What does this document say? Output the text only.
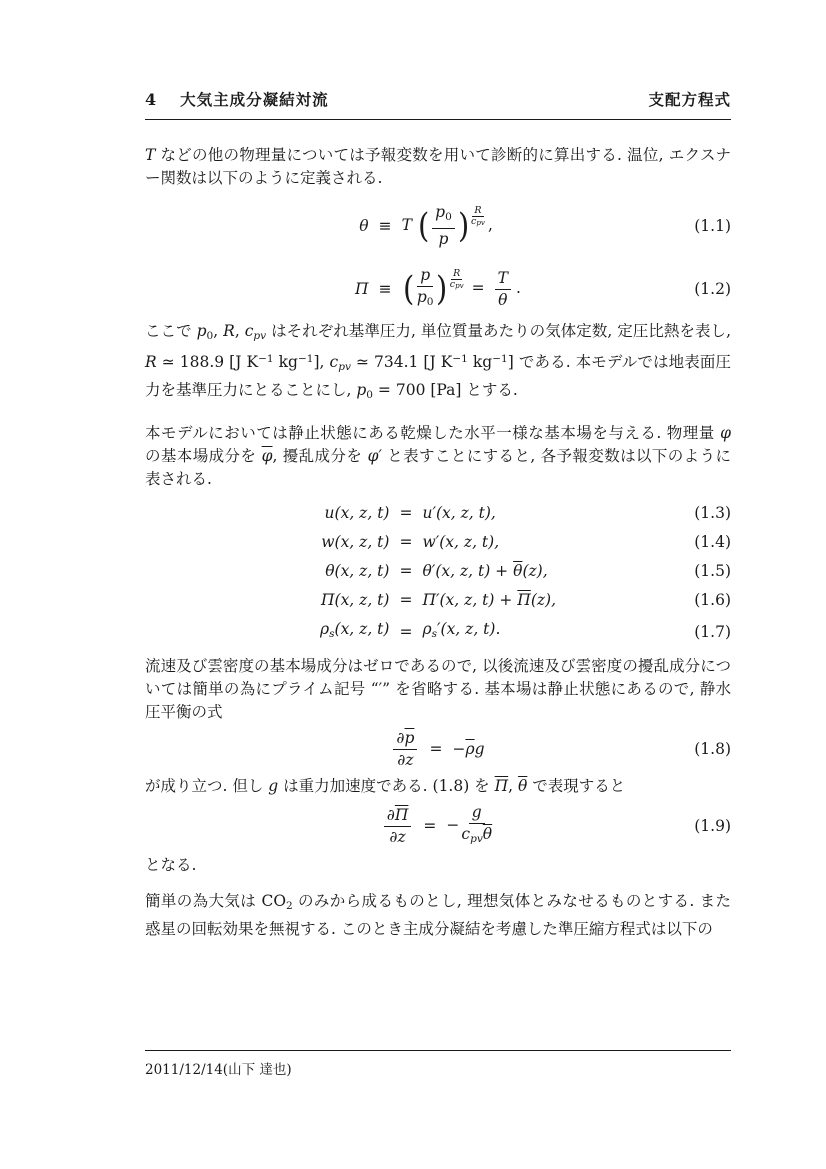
4 大気主成分凝結対流	支配方程式

T などの他の物理量については予報変数を用いて診断的に算出する. 温位, エクスナー関数は以下のように定義される.

θ ≡ T ( $\frac{p0}{p}$ ) R
cpv ,	(1.1)
Π ≡ ( $\frac{p}{p0}$ ) R
cpv = $\frac{T}{\theta}$ .	(1.2)

ここで p0, R, cpv はそれぞれ基準圧力, 単位質量あたりの気体定数, 定圧比熱を表し, R ≃ 188.9 [J $K^{-1}$ $kg^{-1}$], cpv ≃ 734.1 [J $K^{-1}$ $kg^{-1}$] である. 本モデルでは地表面圧力を基準圧力にとることにし, p0 = 700 [Pa] とする.

本モデルにおいては静止状態にある乾燥した水平一様な基本場を与える. 物理量 φ の基本場成分を $\overline{\varphi}$, 擾乱成分を φ′ と表すことにすると, 各予報変数は以下のように表される.

u(x, z, t) = u′(x, z, t),	(1.3)
w(x, z, t) = w′(x, z, t),	(1.4)
θ(x, z, t) = θ′(x, z, $t) + \overline{\theta}(z)$,	(1.5)
Π(x, z, t) = Π′(x, z, $t) + \overline{\Pi}(z)$,	(1.6)
ρs(x, z, t) = ρs′(x, z, t).	(1.7)

流速及び雲密度の基本場成分はゼロであるので, 以後流速及び雲密度の擾乱成分については簡単の為にプライム記号 “′” を省略する. 基本場は静止状態にあるので, 静水圧平衡の式

$\frac{\partial\overline{p}}{\partial z} = -\overline{\rho}g$	(1.8)

が成り立つ. 但し g は重力加速度である. (1.8) を $\overline{\Pi}$, $\overline{\theta}$ で表現すると

$\frac{\partial\overline{\Pi}}{\partial z}$ = − $\frac{g}{cpv\overline{\theta}}$	(1.9)

となる.

簡単の為大気は CO2 のみから成るものとし, 理想気体とみなせるものとする. また惑星の回転効果を無視する. このとき主成分凝結を考慮した準圧縮方程式は以下の

2011/12/14(山下 達也)
